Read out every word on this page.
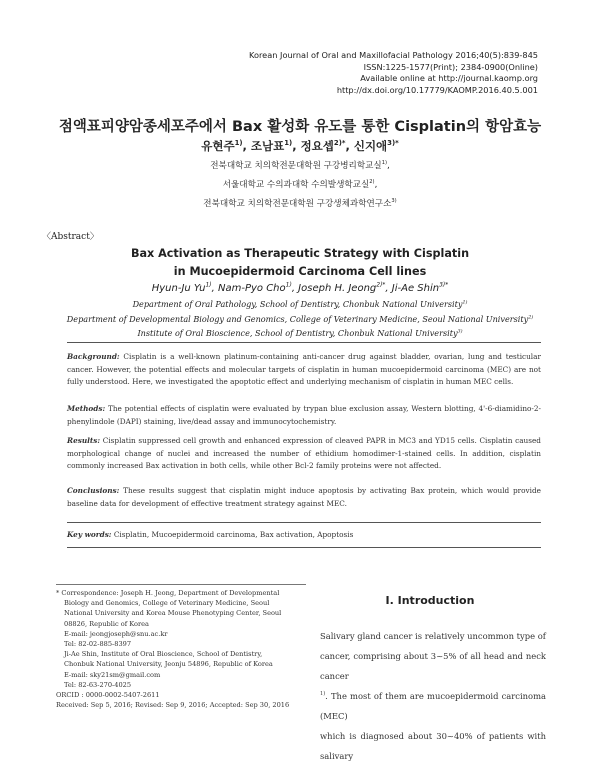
Korean Journal of Oral and Maxillofacial Pathology 2016;40(5):839-845
ISSN:1225-1577(Print); 2384-0900(Online)
Available online at http://journal.kaomp.org
http://dx.doi.org/10.17779/KAOMP.2016.40.5.001
점액표피양암종세포주에서 Bax 활성화 유도를 통한 Cisplatin의 항암효능
유현주$^{1)}$, 조남표$^{1)}$, 정요셉$^{2)*}$, 신지애$^{3)*}$
전북대학교 치의학전문대학원 구강병리학교실$^{1)}$,
서울대학교 수의과대학 수의발생학교실$^{2)}$,
전북대학교 치의학전문대학원 구강생체과학연구소$^{3)}$
〈Abstract〉
Bax Activation as Therapeutic Strategy with Cisplatin
in Mucoepidermoid Carcinoma Cell lines
Hyun-Ju Yu$^{1)}$, Nam-Pyo Cho$^{1)}$, Joseph H. Jeong$^{2)*}$, Ji-Ae Shin$^{3)*}$
Department of Oral Pathology, School of Dentistry, Chonbuk National University$^{1)}$
Department of Developmental Biology and Genomics, College of Veterinary Medicine, Seoul National University$^{2)}$
Institute of Oral Bioscience, School of Dentistry, Chonbuk National University$^{3)}$
Background: Cisplatin is a well-known platinum-containing anti-cancer drug against bladder, ovarian, lung and testicular cancer. However, the potential effects and molecular targets of cisplatin in human mucoepidermoid carcinoma (MEC) are not fully understood. Here, we investigated the apoptotic effect and underlying mechanism of cisplatin in human MEC cells.
Methods: The potential effects of cisplatin were evaluated by trypan blue exclusion assay, Western blotting, 4'-6-diamidino-2-phenylindole (DAPI) staining, live/dead assay and immunocytochemistry.
Results: Cisplatin suppressed cell growth and enhanced expression of cleaved PAPR in MC3 and YD15 cells. Cisplatin caused morphological change of nuclei and increased the number of ethidium homodimer-1-stained cells. In addition, cisplatin commonly increased Bax activation in both cells, while other Bcl-2 family proteins were not affected.
Conclusions: These results suggest that cisplatin might induce apoptosis by activating Bax protein, which would provide baseline data for development of effective treatment strategy against MEC.
Key words: Cisplatin, Mucoepidermoid carcinoma, Bax activation, Apoptosis
* Correspondence: Joseph H. Jeong, Department of Developmental
Biology and Genomics, College of Veterinary Medicine, Seoul
National University and Korea Mouse Phenotyping Center, Seoul
08826, Republic of Korea
E-mail: jeongjoseph@snu.ac.kr
Tel: 82-02-885-8397
Ji-Ae Shin, Institute of Oral Bioscience, School of Dentistry,
Chonbuk National University, Jeonju 54896, Republic of Korea
E-mail: sky21sm@gmail.com
Tel: 82-63-270-4025
ORCID : 0000-0002-5407-2611
Received: Sep 5, 2016; Revised: Sep 9, 2016; Accepted: Sep 30, 2016
Ⅰ. Introduction
Salivary gland cancer is relatively uncommon type of
cancer, comprising about 3~5% of all head and neck cancer
$^{1)}$. The most of them are mucoepidermoid carcinoma (MEC)
which is diagnosed about 30~40% of patients with salivary
